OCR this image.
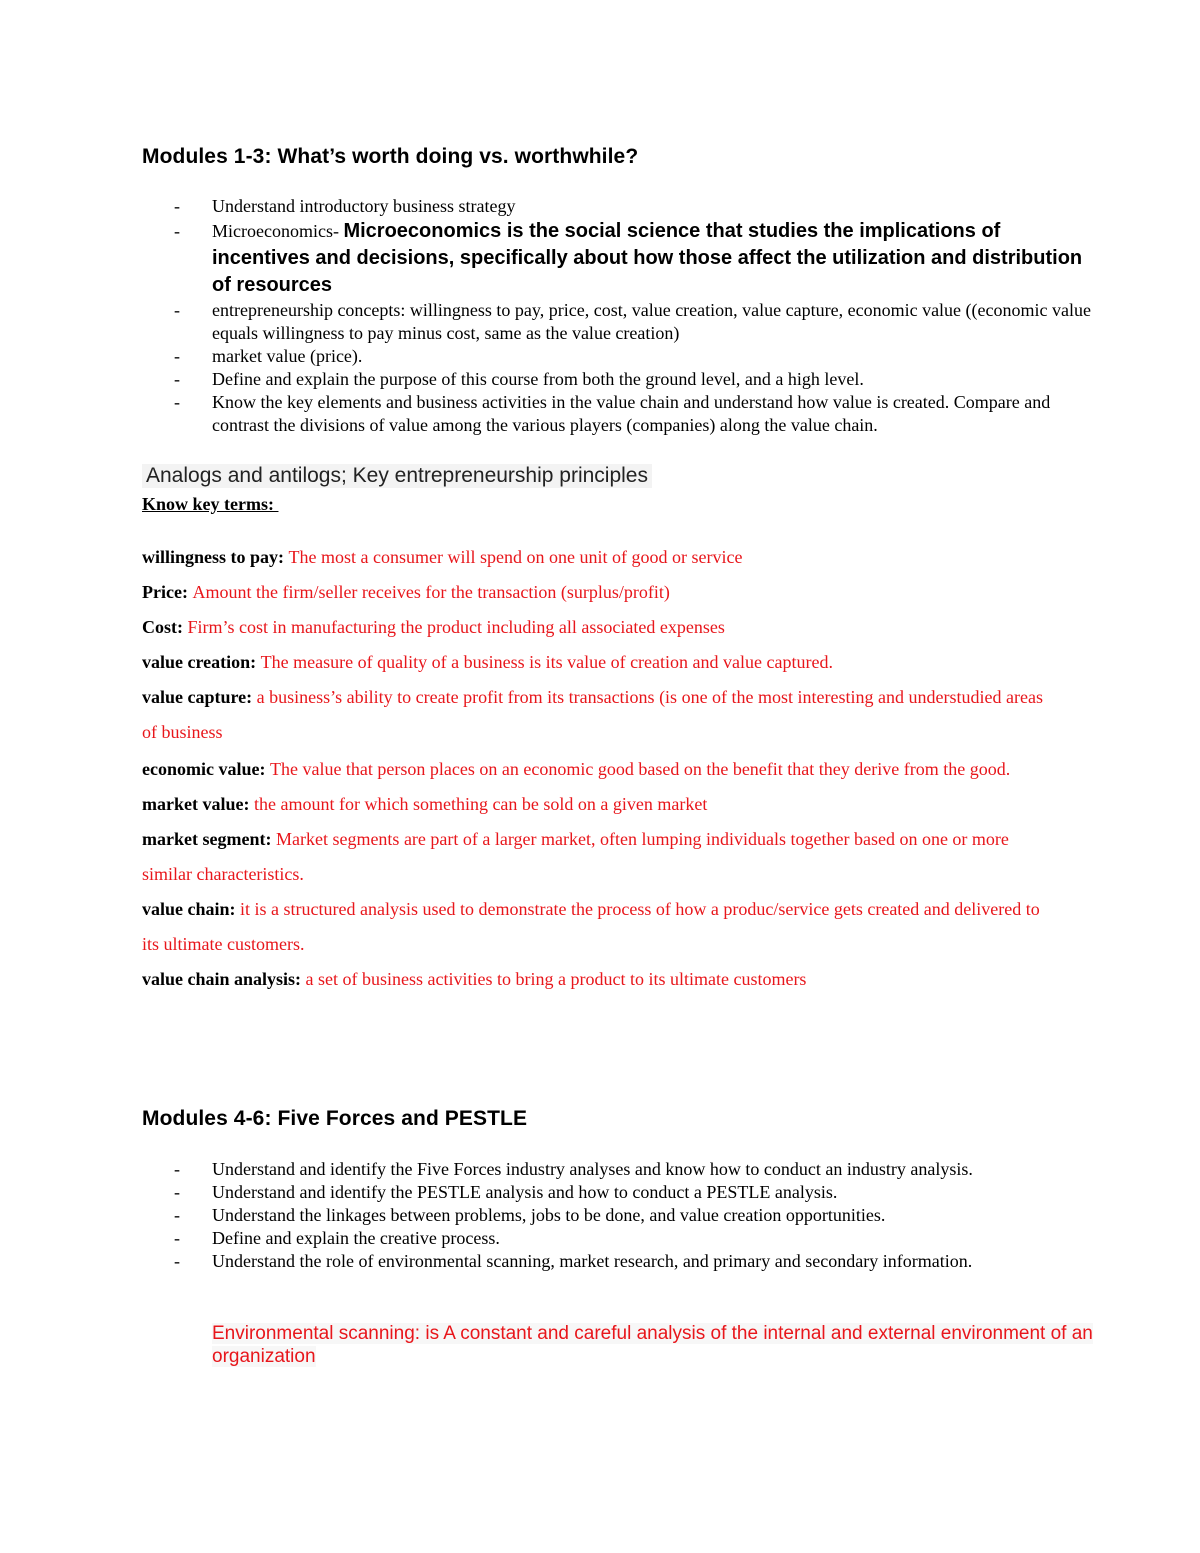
Modules 1-3: What’s worth doing vs. worthwhile?
- Understand introductory business strategy
- Microeconomics- Microeconomics is the social science that studies the implications of incentives and decisions, specifically about how those affect the utilization and distribution of resources
- entrepreneurship concepts: willingness to pay, price, cost, value creation, value capture, economic value ((economic value equals willingness to pay minus cost, same as the value creation)
- market value (price).
- Define and explain the purpose of this course from both the ground level, and a high level.
- Know the key elements and business activities in the value chain and understand how value is created. Compare and contrast the divisions of value among the various players (companies) along the value chain.
Analogs and antilogs; Key entrepreneurship principles
Know key terms:
willingness to pay: The most a consumer will spend on one unit of good or service
Price: Amount the firm/seller receives for the transaction (surplus/profit)
Cost: Firm’s cost in manufacturing the product including all associated expenses
value creation: The measure of quality of a business is its value of creation and value captured.
value capture: a business’s ability to create profit from its transactions (is one of the most interesting and understudied areas of business
economic value: The value that person places on an economic good based on the benefit that they derive from the good.
market value: the amount for which something can be sold on a given market
market segment: Market segments are part of a larger market, often lumping individuals together based on one or more similar characteristics.
value chain: it is a structured analysis used to demonstrate the process of how a produc/service gets created and delivered to its ultimate customers.
value chain analysis: a set of business activities to bring a product to its ultimate customers
Modules 4-6: Five Forces and PESTLE
- Understand and identify the Five Forces industry analyses and know how to conduct an industry analysis.
- Understand and identify the PESTLE analysis and how to conduct a PESTLE analysis.
- Understand the linkages between problems, jobs to be done, and value creation opportunities.
- Define and explain the creative process.
- Understand the role of environmental scanning, market research, and primary and secondary information.
Environmental scanning: is A constant and careful analysis of the internal and external environment of an organization
